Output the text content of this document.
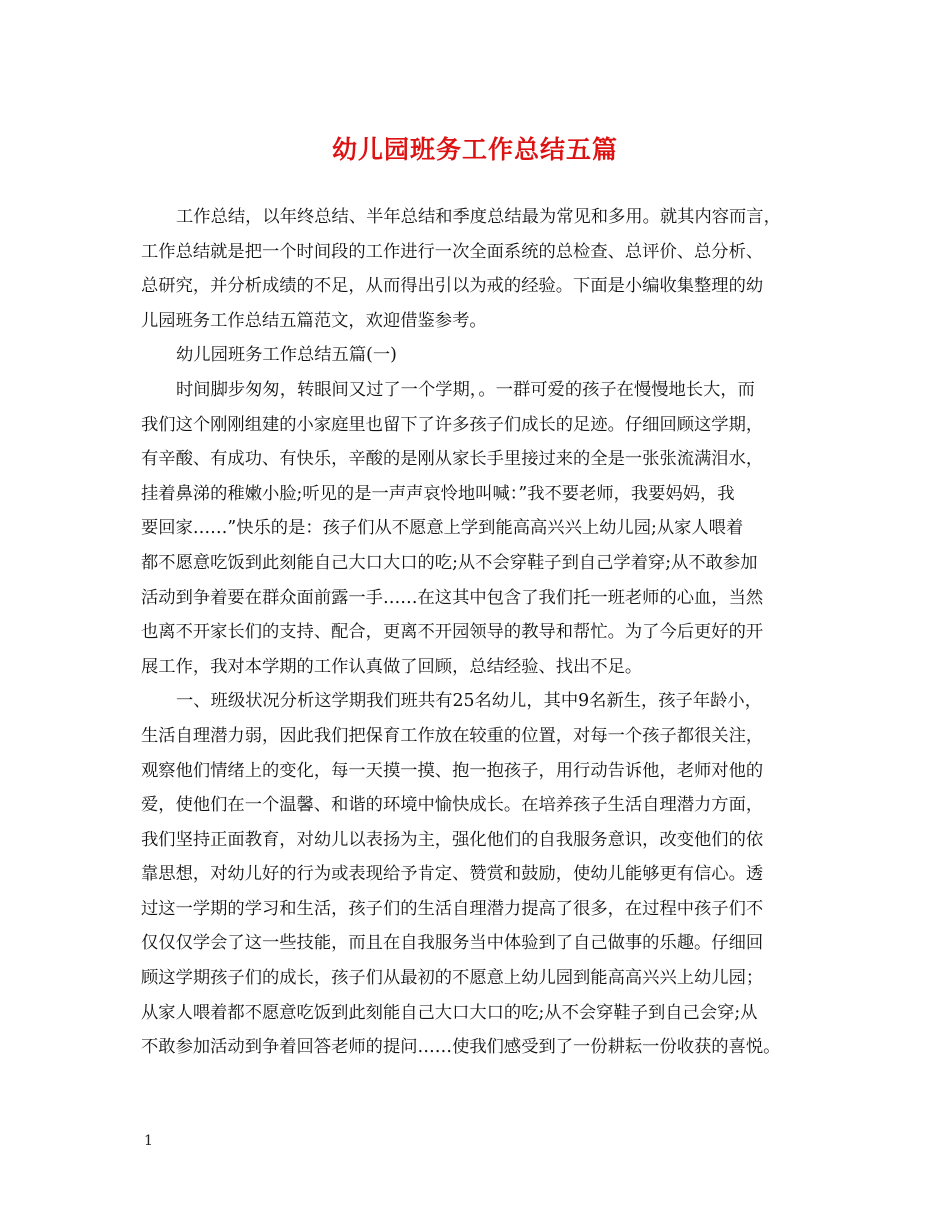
幼儿园班务工作总结五篇
工作总结，以年终总结、半年总结和季度总结最为常见和多用。就其内容而言，
工作总结就是把一个时间段的工作进行一次全面系统的总检查、总评价、总分析、
总研究，并分析成绩的不足，从而得出引以为戒的经验。下面是小编收集整理的幼
儿园班务工作总结五篇范文，欢迎借鉴参考。
幼儿园班务工作总结五篇(一)
时间脚步匆匆，转眼间又过了一个学期，。一群可爱的孩子在慢慢地长大，而
我们这个刚刚组建的小家庭里也留下了许多孩子们成长的足迹。仔细回顾这学期，
有辛酸、有成功、有快乐，辛酸的是刚从家长手里接过来的全是一张张流满泪水，
挂着鼻涕的稚嫩小脸;听见的是一声声哀怜地叫喊：”我不要老师，我要妈妈，我
要回家……”快乐的是：孩子们从不愿意上学到能高高兴兴上幼儿园;从家人喂着
都不愿意吃饭到此刻能自己大口大口的吃;从不会穿鞋子到自己学着穿;从不敢参加
活动到争着要在群众面前露一手……在这其中包含了我们托一班老师的心血，当然
也离不开家长们的支持、配合，更离不开园领导的教导和帮忙。为了今后更好的开
展工作，我对本学期的工作认真做了回顾，总结经验、找出不足。
一、班级状况分析这学期我们班共有25名幼儿，其中9名新生，孩子年龄小，
生活自理潜力弱，因此我们把保育工作放在较重的位置，对每一个孩子都很关注，
观察他们情绪上的变化，每一天摸一摸、抱一抱孩子，用行动告诉他，老师对他的
爱，使他们在一个温馨、和谐的环境中愉快成长。在培养孩子生活自理潜力方面，
我们坚持正面教育，对幼儿以表扬为主，强化他们的自我服务意识，改变他们的依
靠思想，对幼儿好的行为或表现给予肯定、赞赏和鼓励，使幼儿能够更有信心。透
过这一学期的学习和生活，孩子们的生活自理潜力提高了很多，在过程中孩子们不
仅仅仅学会了这一些技能，而且在自我服务当中体验到了自己做事的乐趣。仔细回
顾这学期孩子们的成长，孩子们从最初的不愿意上幼儿园到能高高兴兴上幼儿园；
从家人喂着都不愿意吃饭到此刻能自己大口大口的吃;从不会穿鞋子到自己会穿;从
不敢参加活动到争着回答老师的提问……使我们感受到了一份耕耘一份收获的喜悦。
1
